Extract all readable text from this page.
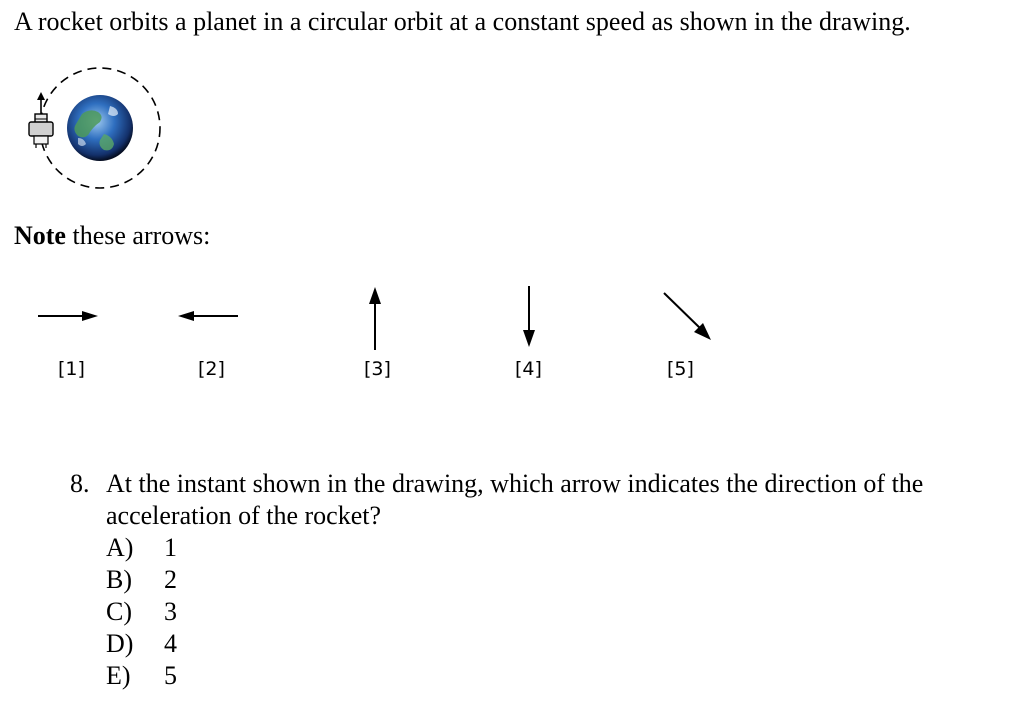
A rocket orbits a planet in a circular orbit at a constant speed as shown in the drawing.
Note these arrows:
[1]	[2]	[3]	[4]	[5]
8. At the instant shown in the drawing, which arrow indicates the direction of the
acceleration of the rocket?
A)	1
B)	2
C)	3
D)	4
E)	5
